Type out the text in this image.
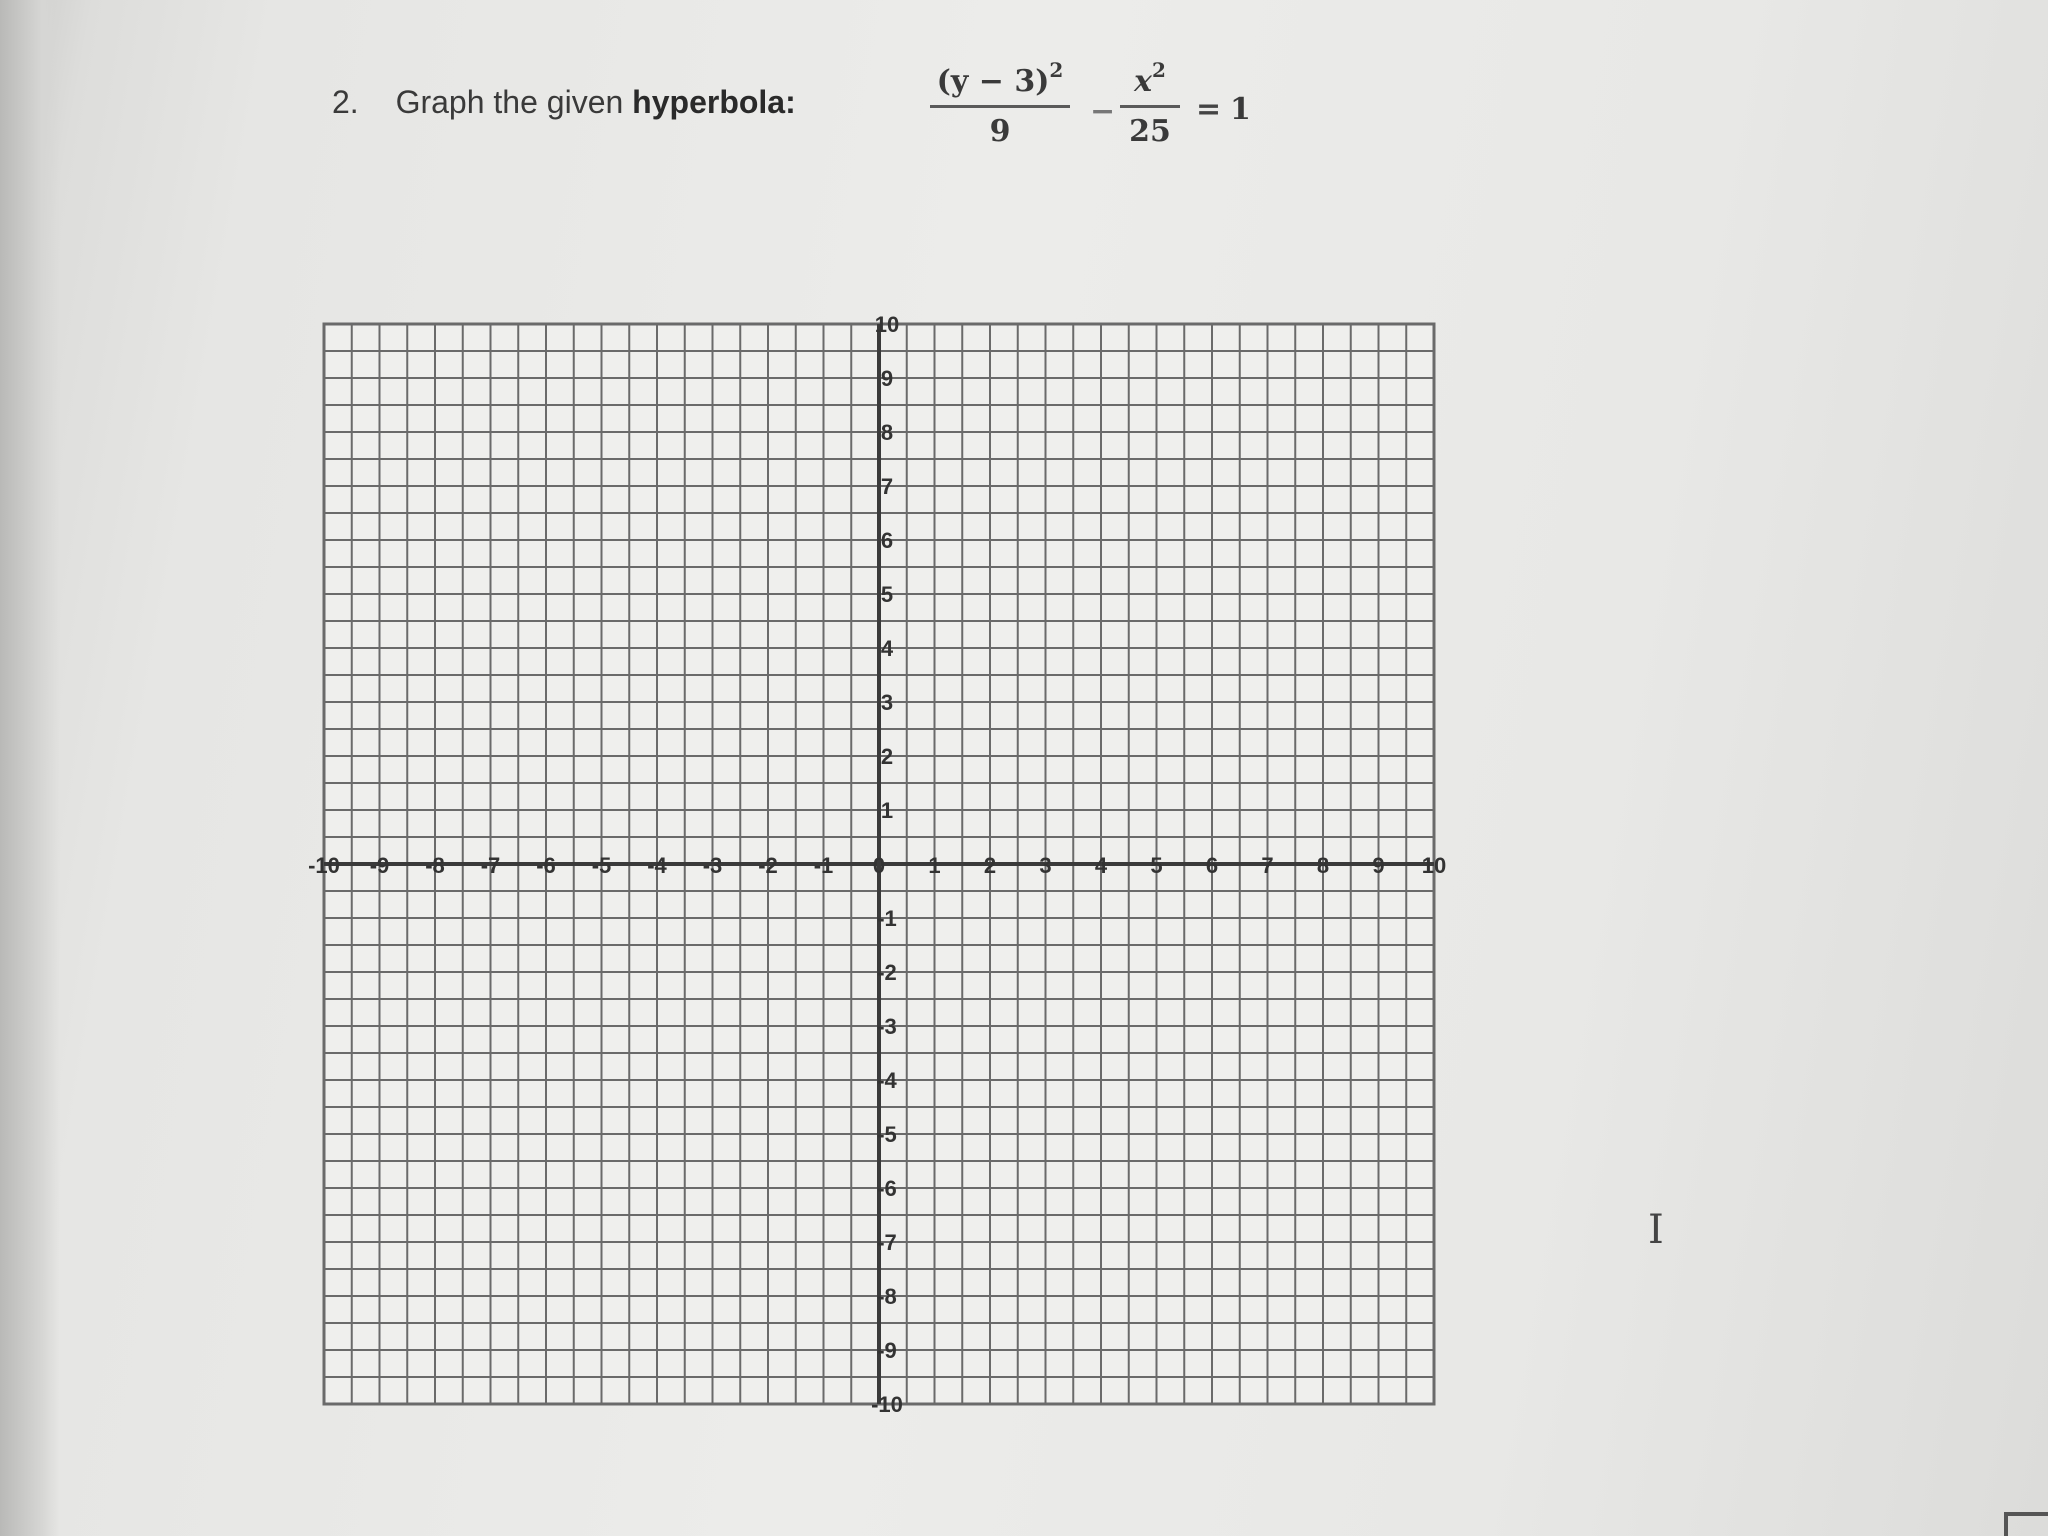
2. Graph the given hyperbola:
$(y - 3)^2$
9
−
$x^2$
25
= 1
-10 -9 -8 -7 -6 -5 -4 -3 -2 -1 0 1 2 3 4 5 6 7 8 9 10
10
9
8
7
6
5
4
3
2
1
-1
-2
-3
-4
-5
-6
-7
-8
-9
-10
I
